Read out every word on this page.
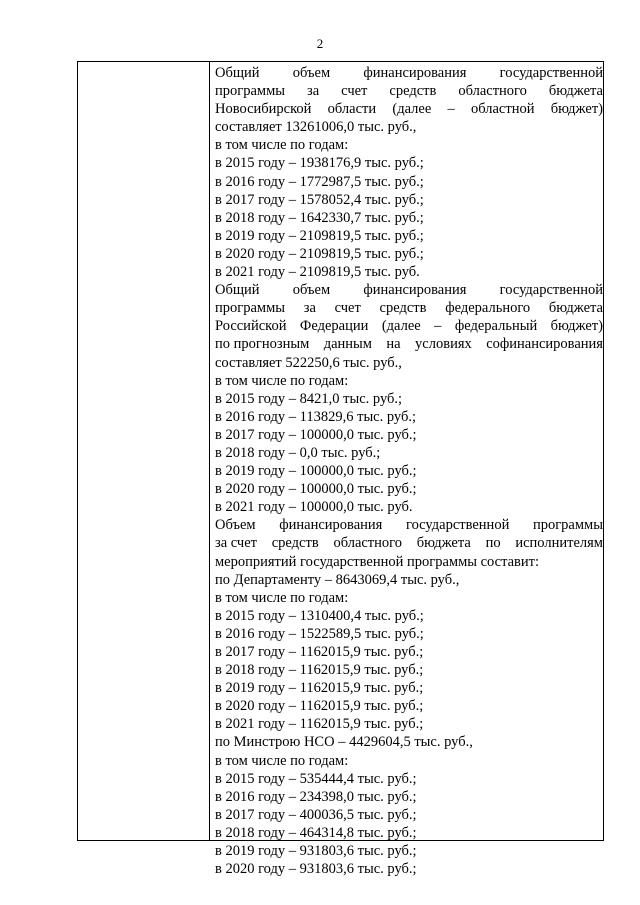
2
Общий объем финансирования государственной
программы за счет средств областного бюджета
Новосибирской области (далее – областной бюджет)
составляет 13261006,0 тыс. руб.,
в том числе по годам:
в 2015 году – 1938176,9 тыс. руб.;
в 2016 году – 1772987,5 тыс. руб.;
в 2017 году – 1578052,4 тыс. руб.;
в 2018 году – 1642330,7 тыс. руб.;
в 2019 году – 2109819,5 тыс. руб.;
в 2020 году – 2109819,5 тыс. руб.;
в 2021 году – 2109819,5 тыс. руб.
Общий объем финансирования государственной
программы за счет средств федерального бюджета
Российской Федерации (далее – федеральный бюджет)
по прогнозным данным на условиях софинансирования
составляет 522250,6 тыс. руб.,
в том числе по годам:
в 2015 году – 8421,0 тыс. руб.;
в 2016 году – 113829,6 тыс. руб.;
в 2017 году – 100000,0 тыс. руб.;
в 2018 году – 0,0 тыс. руб.;
в 2019 году – 100000,0 тыс. руб.;
в 2020 году – 100000,0 тыс. руб.;
в 2021 году – 100000,0 тыс. руб.
Объем финансирования государственной программы
за счет средств областного бюджета по исполнителям
мероприятий государственной программы составит:
по Департаменту – 8643069,4 тыс. руб.,
в том числе по годам:
в 2015 году – 1310400,4 тыс. руб.;
в 2016 году – 1522589,5 тыс. руб.;
в 2017 году – 1162015,9 тыс. руб.;
в 2018 году – 1162015,9 тыс. руб.;
в 2019 году – 1162015,9 тыс. руб.;
в 2020 году – 1162015,9 тыс. руб.;
в 2021 году – 1162015,9 тыс. руб.;
по Минстрою НСО – 4429604,5 тыс. руб.,
в том числе по годам:
в 2015 году – 535444,4 тыс. руб.;
в 2016 году – 234398,0 тыс. руб.;
в 2017 году – 400036,5 тыс. руб.;
в 2018 году – 464314,8 тыс. руб.;
в 2019 году – 931803,6 тыс. руб.;
в 2020 году – 931803,6 тыс. руб.;
